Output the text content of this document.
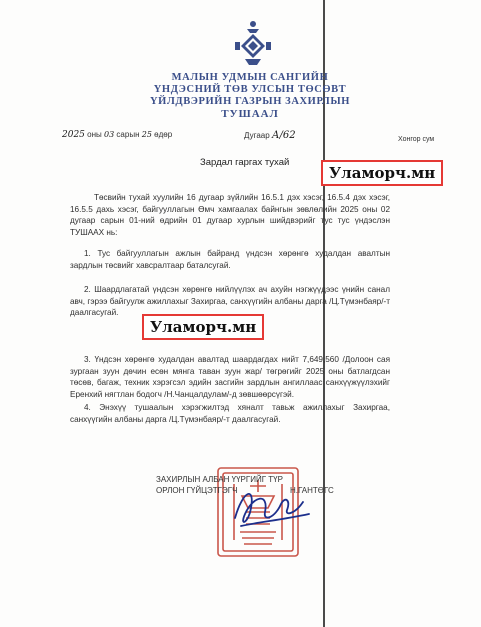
МАЛЫН УДМЫН САНГИЙН
ҮНДЭСНИЙ ТӨВ УЛСЫН ТӨСӨВТ
ҮЙЛДВЭРИЙН ГАЗРЫН ЗАХИРЛЫН
ТУШААЛ
2025 оны 03 сарын 25 өдөр	Дугаар А/62	Хонгор сум
Зардал гаргах тухай
Уламорч.мн
Төсвийн тухай хуулийн 16 дугаар зүйлийн 16.5.1 дэх хэсэг, 16.5.4 дэх хэсэг, 16.5.5 дахь хэсэг, байгууллагын Өмч хамгаалах байнгын зөвлөлийн 2025 оны 02 дугаар сарын 01-ний өдрийн 01 дугаар хурлын шийдвэрийг тус тус үндэслэн ТУШААХ нь:
1. Тус байгууллагын ажлын байранд үндсэн хөрөнгө худалдан авалтын зардлын төсвийг хавсралтаар баталсугай.
2. Шаардлагатай үндсэн хөрөнгө нийлүүлэх ач ахуйн нэгжүүдээс үнийн санал авч, гэрээ байгуулж ажиллахыг Захиргаа, санхүүгийн албаны дарга /Ц.Түмэнбаяр/-т даалгасугай.
Уламорч.мн
3. Үндсэн хөрөнгө худалдан авалтад шаардагдах нийт 7,649,560 /Долоон сая зургаан зуун дөчин есөн мянга таван зуун жар/ төгрөгийг 2025 оны батлагдсан төсөв, багаж, техник хэрэгсэл эдийн засгийн зардлын ангиллаас санхүүжүүлэхийг Еренхий нягтлан бодогч /Н.Чанцалдулам/-д зөвшөөрсүгэй.
4. Энэхүү тушаалын хэрэгжилтэд хяналт тавьж ажиллахыг Захиргаа, санхүүгийн албаны дарга /Ц.Түмэнбаяр/-т даалгасугай.
ЗАХИРЛЫН АЛБАН ҮҮРГИЙГ ТҮР
ОРЛОН ГҮЙЦЭТГЭГЧ	Н.ГАНТӨГС
